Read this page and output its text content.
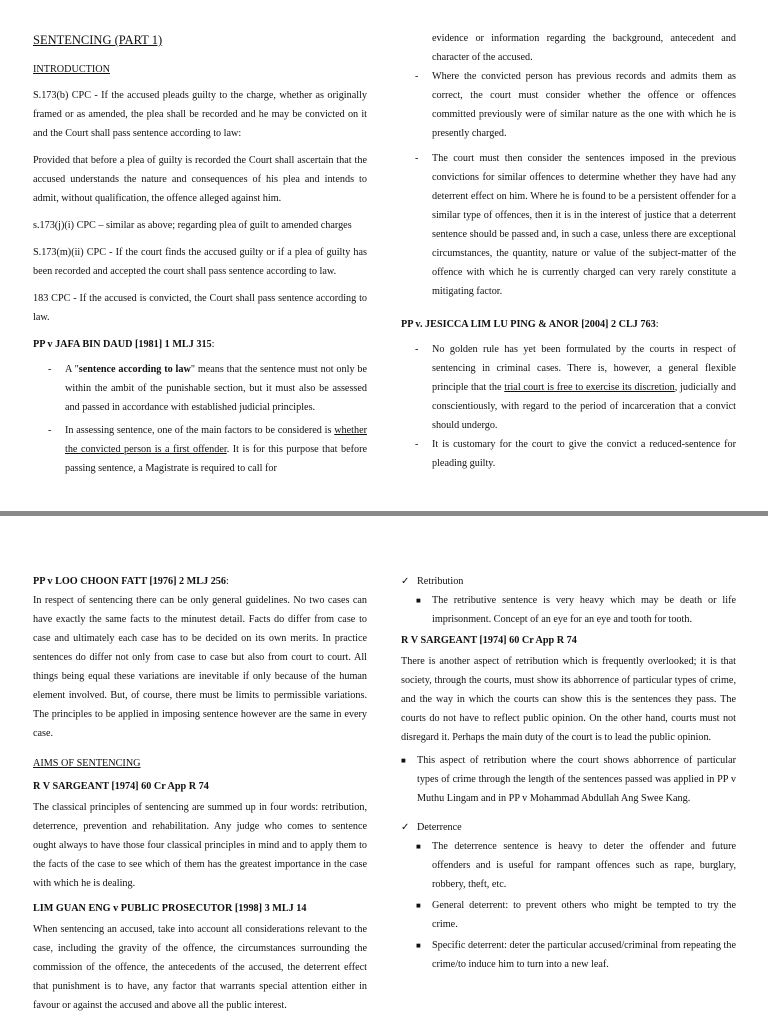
SENTENCING (PART 1)

INTRODUCTION

S.173(b) CPC - If the accused pleads guilty to the charge, whether as originally framed or as amended, the plea shall be recorded and he may be convicted on it and the Court shall pass sentence according to law:

Provided that before a plea of guilty is recorded the Court shall ascertain that the accused understands the nature and consequences of his plea and intends to admit, without qualification, the offence alleged against him.

s.173(j)(i) CPC – similar as above; regarding plea of guilt to amended charges

S.173(m)(ii) CPC - If the court finds the accused guilty or if a plea of guilty has been recorded and accepted the court shall pass sentence according to law.

183 CPC - If the accused is convicted, the Court shall pass sentence according to law.

PP v JAFA BIN DAUD [1981] 1 MLJ 315:

- A "sentence according to law" means that the sentence must not only be within the ambit of the punishable section, but it must also be assessed and passed in accordance with established judicial principles.
- In assessing sentence, one of the main factors to be considered is whether the convicted person is a first offender. It is for this purpose that before passing sentence, a Magistrate is required to call for

evidence or information regarding the background, antecedent and character of the accused.

- Where the convicted person has previous records and admits them as correct, the court must consider whether the offence or offences committed previously were of similar nature as the one with which he is presently charged.
- The court must then consider the sentences imposed in the previous convictions for similar offences to determine whether they have had any deterrent effect on him. Where he is found to be a persistent offender for a similar type of offences, then it is in the interest of justice that a deterrent sentence should be passed and, in such a case, unless there are exceptional circumstances, the quantity, nature or value of the subject-matter of the offence with which he is currently charged can very rarely constitute a mitigating factor.

PP v. JESICCA LIM LU PING & ANOR [2004] 2 CLJ 763:

- No golden rule has yet been formulated by the courts in respect of sentencing in criminal cases. There is, however, a general flexible principle that the trial court is free to exercise its discretion, judicially and conscientiously, with regard to the period of incarceration that a convict should undergo.
- It is customary for the court to give the convict a reduced-sentence for pleading guilty.

PP v LOO CHOON FATT [1976] 2 MLJ 256:

In respect of sentencing there can be only general guidelines. No two cases can have exactly the same facts to the minutest detail. Facts do differ from case to case and ultimately each case has to be decided on its own merits. In practice sentences do differ not only from case to case but also from court to court. All things being equal these variations are inevitable if only because of the human element involved. But, of course, there must be limits to permissible variations. The principles to be applied in imposing sentence however are the same in every case.

AIMS OF SENTENCING

R V SARGEANT [1974] 60 Cr App R 74

The classical principles of sentencing are summed up in four words: retribution, deterrence, prevention and rehabilitation. Any judge who comes to sentence ought always to have those four classical principles in mind and to apply them to the facts of the case to see which of them has the greatest importance in the case with which he is dealing.

LIM GUAN ENG v PUBLIC PROSECUTOR [1998] 3 MLJ 14

When sentencing an accused, take into account all considerations relevant to the case, including the gravity of the offence, the circumstances surrounding the commission of the offence, the antecedents of the accused, the deterrent effect that punishment is to have, any factor that warrants special attention either in favour or against the accused and above all the public interest.

✓ Retribution
■ The retributive sentence is very heavy which may be death or life imprisonment. Concept of an eye for an eye and tooth for tooth.

R V SARGEANT [1974] 60 Cr App R 74

There is another aspect of retribution which is frequently overlooked; it is that society, through the courts, must show its abhorrence of particular types of crime, and the way in which the courts can show this is the sentences they pass. The courts do not have to reflect public opinion. On the other hand, courts must not disregard it. Perhaps the main duty of the court is to lead the public opinion.

■ This aspect of retribution where the court shows abhorrence of particular types of crime through the length of the sentences passed was applied in PP v Muthu Lingam and in PP v Mohammad Abdullah Ang Swee Kang.
✓ Deterrence
■ The deterrence sentence is heavy to deter the offender and future offenders and is useful for rampant offences such as rape, burglary, robbery, theft, etc.
■ General deterrent: to prevent others who might be tempted to try the crime.
■ Specific deterrent: deter the particular accused/criminal from repeating the crime/to induce him to turn into a new leaf.
